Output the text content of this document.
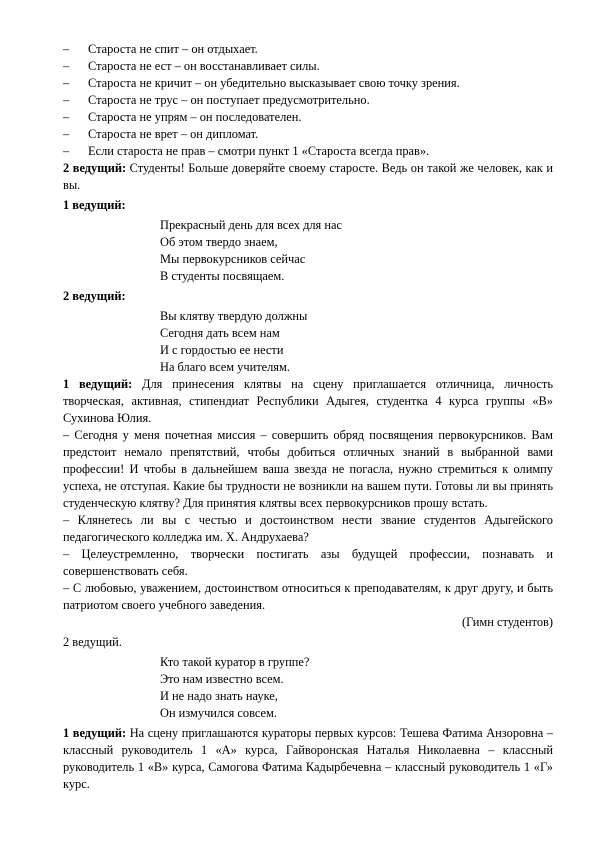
–	Староста не спит – он отдыхает.
–	Староста не ест – он восстанавливает силы.
–	Староста не кричит – он убедительно высказывает свою точку зрения.
–	Староста не трус – он поступает предусмотрительно.
–	Староста не упрям – он последователен.
–	Староста не врет – он дипломат.
–	Если староста не прав – смотри пункт 1 «Староста всегда прав».

2 ведущий: Студенты! Больше доверяйте своему старосте. Ведь он такой же человек, как и вы.

1 ведущий:

Прекрасный день для всех для нас

Об этом твердо знаем,

Мы первокурсников сейчас

В студенты посвящаем.

2 ведущий:

Вы клятву твердую должны

Сегодня дать всем нам

И с гордостью ее нести

На благо всем учителям.

1 ведущий: Для принесения клятвы на сцену приглашается отличница, личность творческая, активная, стипендиат Республики Адыгея, студентка 4 курса группы «В» Сухинова Юлия.

– Сегодня у меня почетная миссия – совершить обряд посвящения первокурсников. Вам предстоит немало препятствий, чтобы добиться отличных знаний в выбранной вами профессии! И чтобы в дальнейшем ваша звезда не погасла, нужно стремиться к олимпу успеха, не отступая. Какие бы трудности не возникли на вашем пути. Готовы ли вы принять студенческую клятву? Для принятия клятвы всех первокурсников прошу встать.

– Клянетесь ли вы с честью и достоинством нести звание студентов Адыгейского педагогического колледжа им. Х. Андрухаева?

– Целеустремленно, творчески постигать азы будущей профессии, познавать и совершенствовать себя.

– С любовью, уважением, достоинством относиться к преподавателям, к друг другу, и быть патриотом своего учебного заведения.

(Гимн студентов)

2 ведущий.

Кто такой куратор в группе?

Это нам известно всем.

И не надо знать науке,

Он измучился совсем.

1 ведущий: На сцену приглашаются кураторы первых курсов: Тешева Фатима Анзоровна – классный руководитель 1 «А» курса, Гайворонская Наталья Николаевна – классный руководитель 1 «В» курса, Самогова Фатима Кадырбечевна – классный руководитель 1 «Г» курс.
